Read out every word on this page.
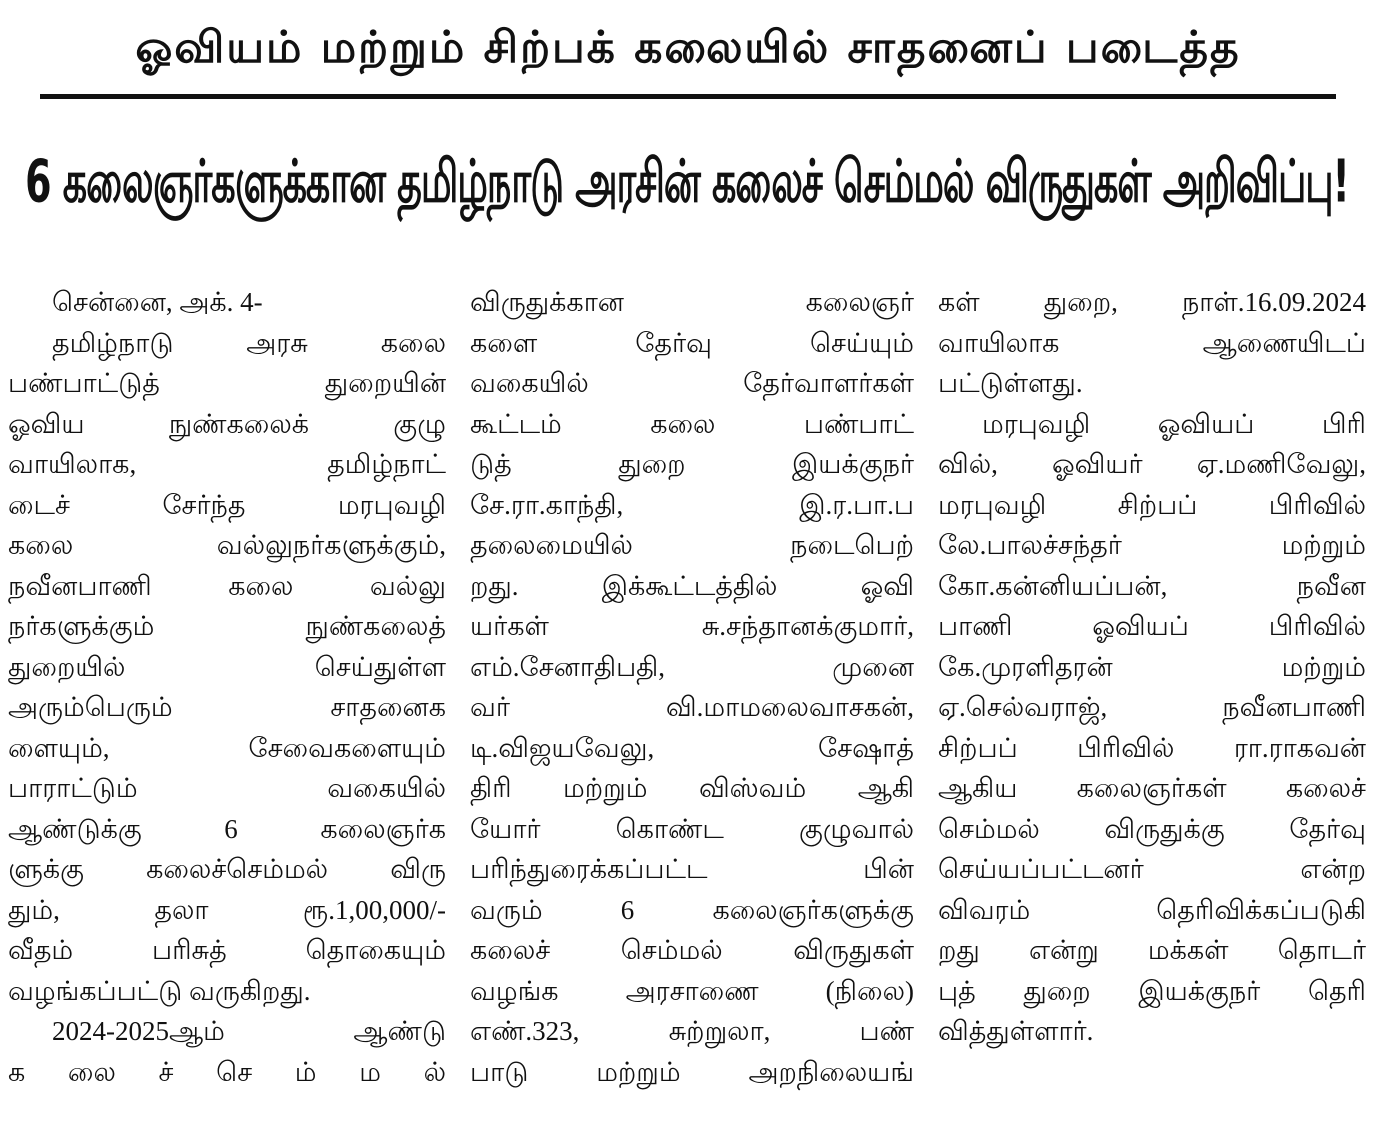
ஓவியம் மற்றும் சிற்பக் கலையில் சாதனைப் படைத்த
6 கலைஞர்களுக்கான தமிழ்நாடு அரசின் கலைச் செம்மல் விருதுகள் அறிவிப்பு!
சென்னை, அக். 4-
தமிழ்நாடு அரசு கலை
பண்பாட்டுத் துறையின்
ஓவிய நுண்கலைக் குழு
வாயிலாக, தமிழ்நாட்
டைச் சேர்ந்த மரபுவழி
கலை வல்லுநர்களுக்கும்,
நவீனபாணி கலை வல்லு
நர்களுக்கும் நுண்கலைத்
துறையில் செய்துள்ள
அரும்பெரும் சாதனைக
ளையும், சேவைகளையும்
பாராட்டும் வகையில்
ஆண்டுக்கு 6 கலைஞர்க
ளுக்கு கலைச்செம்மல் விரு
தும், தலா ரூ.1,00,000/-
வீதம் பரிசுத் தொகையும்
வழங்கப்பட்டு வருகிறது.
2024-2025ஆம் ஆண்டு
க லை ச் செ ம் ம ல்
விருதுக்கான கலைஞர்
களை தேர்வு செய்யும்
வகையில் தேர்வாளர்கள்
கூட்டம் கலை பண்பாட்
டுத் துறை இயக்குநர்
சே.ரா.காந்தி, இ.ர.பா.ப
தலைமையில் நடைபெற்
றது. இக்கூட்டத்தில் ஓவி
யர்கள் சு.சந்தானக்குமார்,
எம்.சேனாதிபதி, முனை
வர் வி.மாமலைவாசகன்,
டி.விஜயவேலு, சேஷாத்
திரி மற்றும் விஸ்வம் ஆகி
யோர் கொண்ட குழுவால்
பரிந்துரைக்கப்பட்ட பின்
வரும் 6 கலைஞர்களுக்கு
கலைச் செம்மல் விருதுகள்
வழங்க அரசாணை (நிலை)
எண்.323, சுற்றுலா, பண்
பாடு மற்றும் அறநிலையங்
கள் துறை, நாள்.16.09.2024
வாயிலாக ஆணையிடப்
பட்டுள்ளது.
மரபுவழி ஓவியப் பிரி
வில், ஓவியர் ஏ.மணிவேலு,
மரபுவழி சிற்பப் பிரிவில்
லே.பாலச்சந்தர் மற்றும்
கோ.கன்னியப்பன், நவீன
பாணி ஓவியப் பிரிவில்
கே.முரளிதரன் மற்றும்
ஏ.செல்வராஜ், நவீனபாணி
சிற்பப் பிரிவில் ரா.ராகவன்
ஆகிய கலைஞர்கள் கலைச்
செம்மல் விருதுக்கு தேர்வு
செய்யப்பட்டனர் என்ற
விவரம் தெரிவிக்கப்படுகி
றது என்று மக்கள் தொடர்
புத் துறை இயக்குநர் தெரி
வித்துள்ளார்.
